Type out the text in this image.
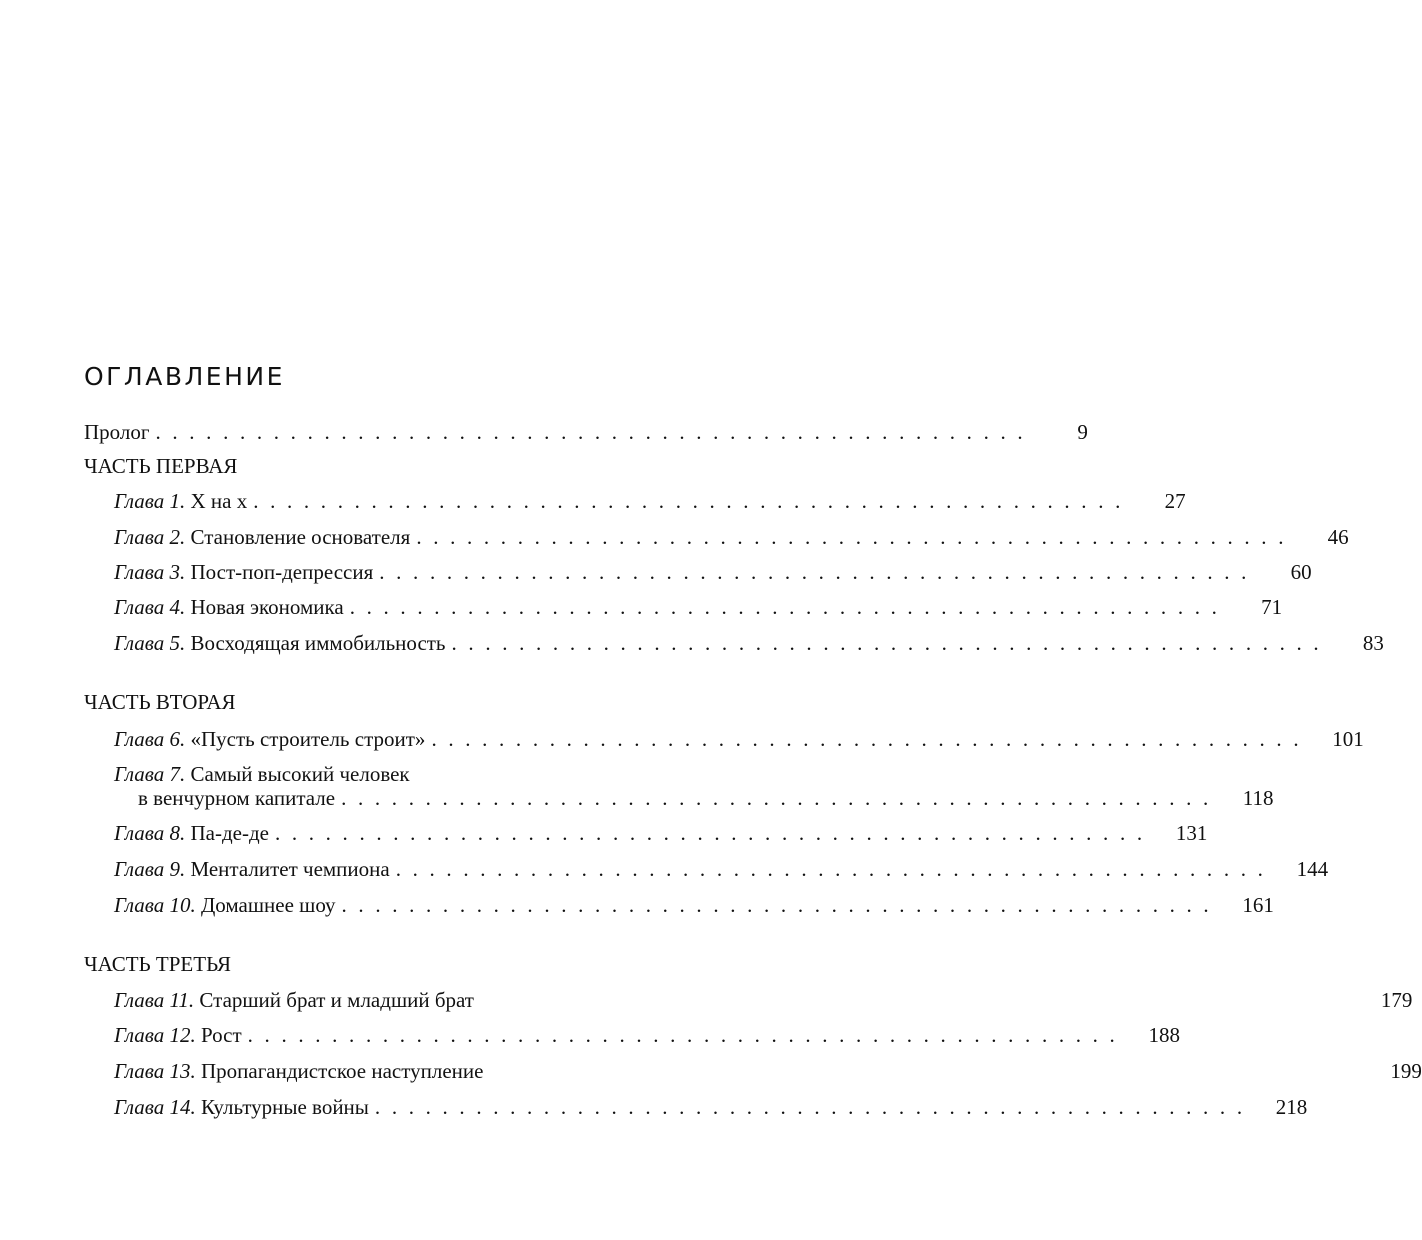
ОГЛАВЛЕНИЕ
Пролог . . . . . . . . . . . . . . . . . . . . . . . . . . . . . . . . . . . . . . . . . . . . . . . . . . . .	9
ЧАСТЬ ПЕРВАЯ
Глава 1. Х на х . . . . . . . . . . . . . . . . . . . . . . . . . . . . . . . . . . . . . . . . . . . . . . . . . . . .	27
Глава 2. Становление основателя . . . . . . . . . . . . . . . . . . . . . . . . . . . . . . . . . . . . . . . . . . . . . . . . . . . .	46
Глава 3. Пост-поп-депрессия . . . . . . . . . . . . . . . . . . . . . . . . . . . . . . . . . . . . . . . . . . . . . . . . . . . .	60
Глава 4. Новая экономика . . . . . . . . . . . . . . . . . . . . . . . . . . . . . . . . . . . . . . . . . . . . . . . . . . . .	71
Глава 5. Восходящая иммобильность . . . . . . . . . . . . . . . . . . . . . . . . . . . . . . . . . . . . . . . . . . . . . . . . . . . .	83
ЧАСТЬ ВТОРАЯ
Глава 6. «Пусть строитель строит» . . . . . . . . . . . . . . . . . . . . . . . . . . . . . . . . . . . . . . . . . . . . . . . . . . . .	101
Глава 7. Самый высокий человек
в венчурном капитале . . . . . . . . . . . . . . . . . . . . . . . . . . . . . . . . . . . . . . . . . . . . . . . . . . . .	118
Глава 8. Па-де-де . . . . . . . . . . . . . . . . . . . . . . . . . . . . . . . . . . . . . . . . . . . . . . . . . . . .	131
Глава 9. Менталитет чемпиона . . . . . . . . . . . . . . . . . . . . . . . . . . . . . . . . . . . . . . . . . . . . . . . . . . . .	144
Глава 10. Домашнее шоу . . . . . . . . . . . . . . . . . . . . . . . . . . . . . . . . . . . . . . . . . . . . . . . . . . . .	161
ЧАСТЬ ТРЕТЬЯ
Глава 11. Старший брат и младший брат	179
Глава 12. Рост . . . . . . . . . . . . . . . . . . . . . . . . . . . . . . . . . . . . . . . . . . . . . . . . . . . .	188
Глава 13. Пропагандистское наступление	199
Глава 14. Культурные войны . . . . . . . . . . . . . . . . . . . . . . . . . . . . . . . . . . . . . . . . . . . . . . . . . . . .	218
